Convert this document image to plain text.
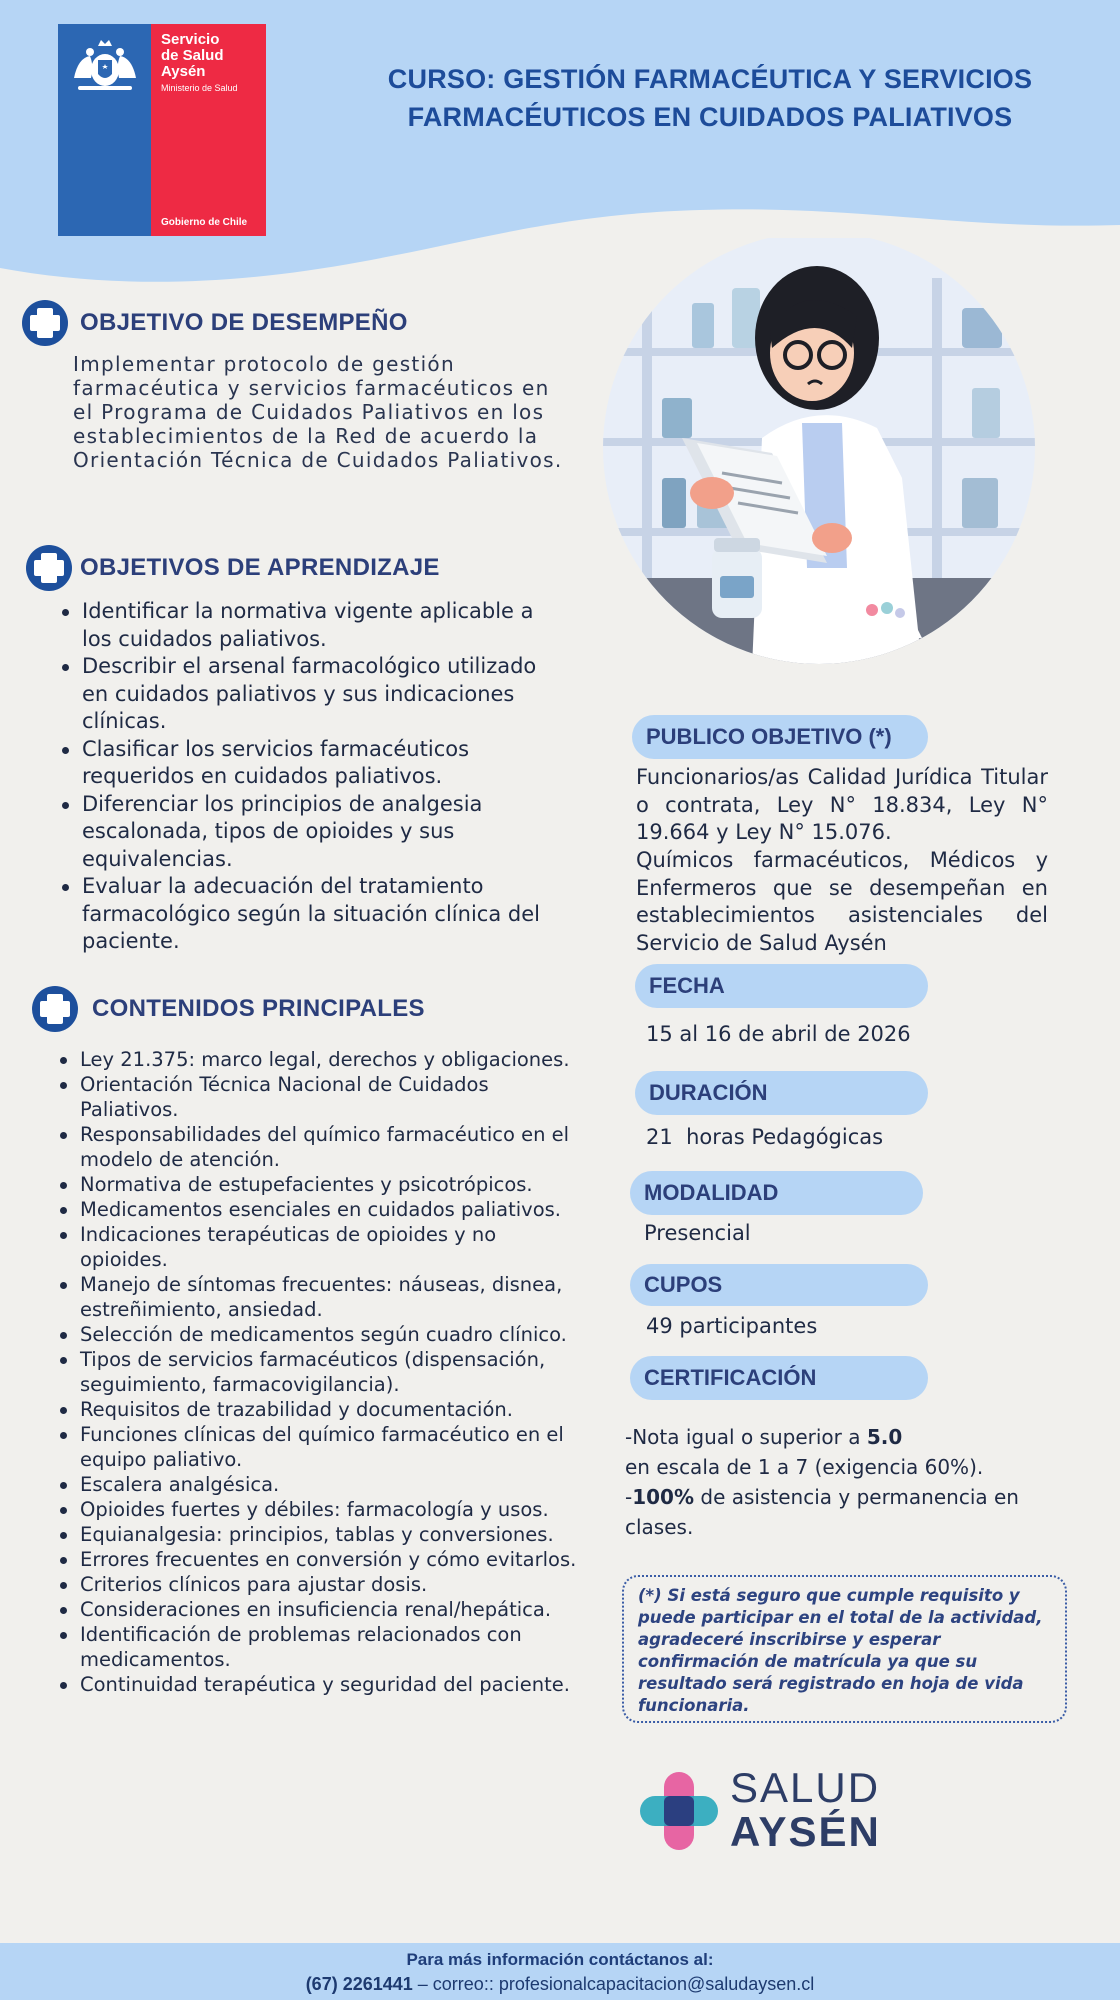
Servicio
de Salud
Aysén
Ministerio de Salud
Gobierno de Chile
CURSO: GESTIÓN FARMACÉUTICA Y SERVICIOS
FARMACÉUTICOS EN CUIDADOS PALIATIVOS
OBJETIVO DE DESEMPEÑO
Implementar protocolo de gestión farmacéutica y servicios farmacéuticos en el Programa de Cuidados Paliativos en los establecimientos de la Red de acuerdo la Orientación Técnica de Cuidados Paliativos.
OBJETIVOS DE APRENDIZAJE
Identificar la normativa vigente aplicable a los cuidados paliativos.
Describir el arsenal farmacológico utilizado en cuidados paliativos y sus indicaciones clínicas.
Clasificar los servicios farmacéuticos requeridos en cuidados paliativos.
Diferenciar los principios de analgesia escalonada, tipos de opioides y sus equivalencias.
Evaluar la adecuación del tratamiento farmacológico según la situación clínica del paciente.
CONTENIDOS PRINCIPALES
Ley 21.375: marco legal, derechos y obligaciones.
Orientación Técnica Nacional de Cuidados Paliativos.
Responsabilidades del químico farmacéutico en el modelo de atención.
Normativa de estupefacientes y psicotrópicos.
Medicamentos esenciales en cuidados paliativos.
Indicaciones terapéuticas de opioides y no opioides.
Manejo de síntomas frecuentes: náuseas, disnea, estreñimiento, ansiedad.
Selección de medicamentos según cuadro clínico.
Tipos de servicios farmacéuticos (dispensación, seguimiento, farmacovigilancia).
Requisitos de trazabilidad y documentación.
Funciones clínicas del químico farmacéutico en el equipo paliativo.
Escalera analgésica.
Opioides fuertes y débiles: farmacología y usos.
Equianalgesia: principios, tablas y conversiones.
Errores frecuentes en conversión y cómo evitarlos.
Criterios clínicos para ajustar dosis.
Consideraciones en insuficiencia renal/hepática.
Identificación de problemas relacionados con medicamentos.
Continuidad terapéutica y seguridad del paciente.
PUBLICO OBJETIVO (*)
Funcionarios/as Calidad Jurídica Titular o contrata, Ley N° 18.834, Ley N° 19.664 y Ley N° 15.076.
Químicos farmacéuticos, Médicos y Enfermeros que se desempeñan en establecimientos asistenciales del Servicio de Salud Aysén
FECHA
15 al 16 de abril de 2026
DURACIÓN
21  horas Pedagógicas
MODALIDAD
Presencial
CUPOS
49 participantes
CERTIFICACIÓN
-Nota igual o superior a 5.0
en escala de 1 a 7 (exigencia 60%).
-100% de asistencia y permanencia en clases.
(*) Si está seguro que cumple requisito y puede participar en el total de la actividad, agradeceré inscribirse y esperar confirmación de matrícula ya que su resultado será registrado en hoja de vida funcionaria.
SALUD
AYSÉN
Para más información contáctanos al:
(67) 2261441 – correo:: profesionalcapacitacion@saludaysen.cl
